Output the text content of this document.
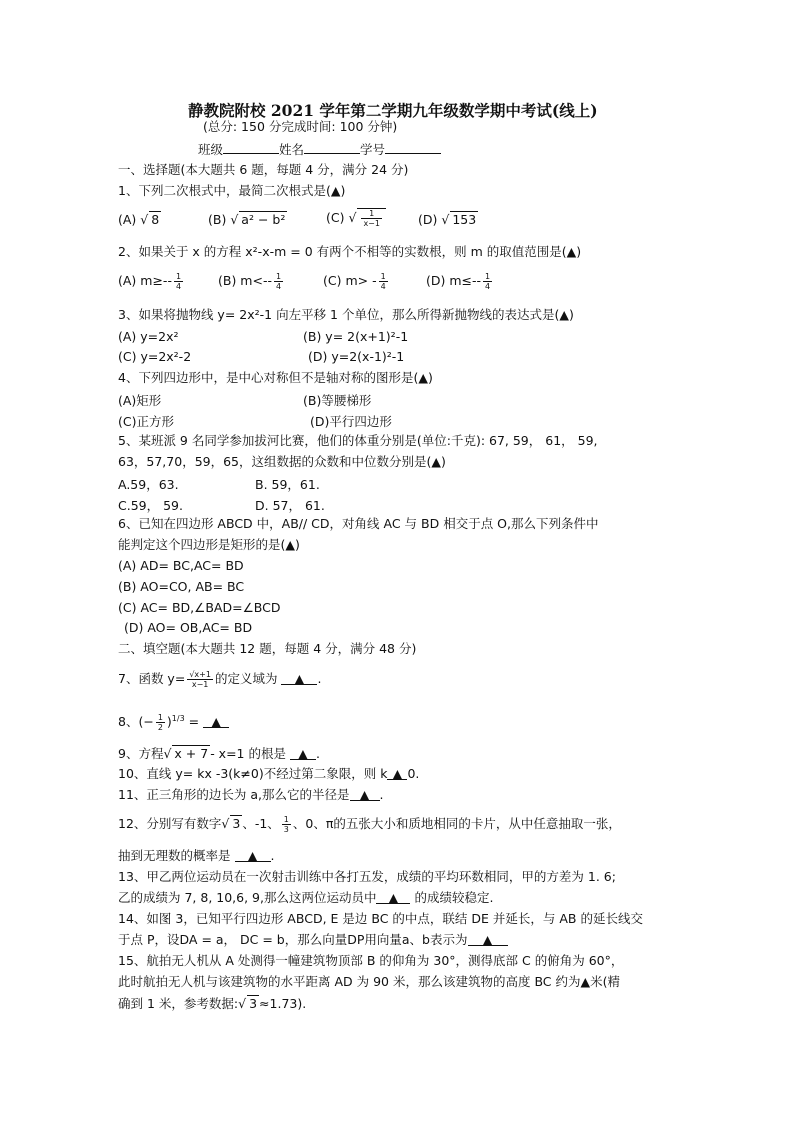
静教院附校 2021 学年第二学期九年级数学期中考试(线上)
(总分: 150 分完成时间: 100 分钟)
班级	姓名	学号
一、选择题(本大题共 6 题，每题 4 分，满分 24 分)
1、下列二次根式中，最简二次根式是(▲)
(A) √ 8	(B) √ a² − b²	(C) √ $\frac{1}{x-1}$	(D) √ 153
2、如果关于 x 的方程 x²-x-m = 0 有两个不相等的实数根，则 m 的取值范围是(▲)
(A) $m\ge-- \frac{1}{4}$	(B) $m<-- \frac{1}{4}$	(C) $m> - \frac{1}{4}$	(D) $m\le-- \frac{1}{4}$
3、如果将抛物线 y= 2x²-1 向左平移 1 个单位，那么所得新抛物线的表达式是(▲)
(A) y=2x²	(B) y= 2(x+1)²-1
(C) y=2x²-2	(D) y=2(x-1)²-1
4、下列四边形中，是中心对称但不是轴对称的图形是(▲)
(A)矩形	(B)等腰梯形
(C)正方形	(D)平行四边形
5、某班派 9 名同学参加拔河比赛，他们的体重分别是(单位:千克): 67, 59， 61， 59,
63，57,70，59，65，这组数据的众数和中位数分别是(▲)
A.59，63.	B. 59，61.
C.59， 59.	D. 57， 61.
6、已知在四边形 ABCD 中，AB// CD，对角线 AC 与 BD 相交于点 O,那么下列条件中
能判定这个四边形是矩形的是(▲)
(A) AD= BC,AC= BD
(B) AO=CO, AB= BC
(C) AC= BD,∠BAD=∠BCD
(D) AO= OB,AC= BD
二、填空题(本大题共 12 题，每题 4 分，满分 48 分)
7、函数 $y= \frac{√x+1}{x-1}$ 的定义域为 ▲ .
8、(− $\frac{1}{2} )^{1/3}$ = ▲
9、方程√ x + 7 - x=1 的根是 ▲ .
10、直线 y= kx -3(k≠0)不经过第二象限，则 k ▲ 0.
11、正三角形的边长为 a,那么它的半径是 ▲ .
12、分别写有数字√ 3 、-1、 $\frac{1}{3}$ 、0、π的五张大小和质地相同的卡片，从中任意抽取一张，
抽到无理数的概率是 ▲ .
13、甲乙两位运动员在一次射击训练中各打五发，成绩的平均环数相同，甲的方差为 1. 6;
乙的成绩为 7, 8, 10,6, 9,那么这两位运动员中 ▲ 的成绩较稳定.
14、如图 3，已知平行四边形 ABCD, E 是边 BC 的中点，联结 DE 并延长，与 AB 的延长线交
于点 P，设DA = a， DC = b，那么向量DP用向量a、b表示为 ▲
15、航拍无人机从 A 处测得一幢建筑物顶部 B 的仰角为 30°，测得底部 C 的俯角为 60°，
此时航拍无人机与该建筑物的水平距离 AD 为 90 米，那么该建筑物的高度 BC 约为▲米(精
确到 1 米，参考数据:√ 3 ≈1.73).
